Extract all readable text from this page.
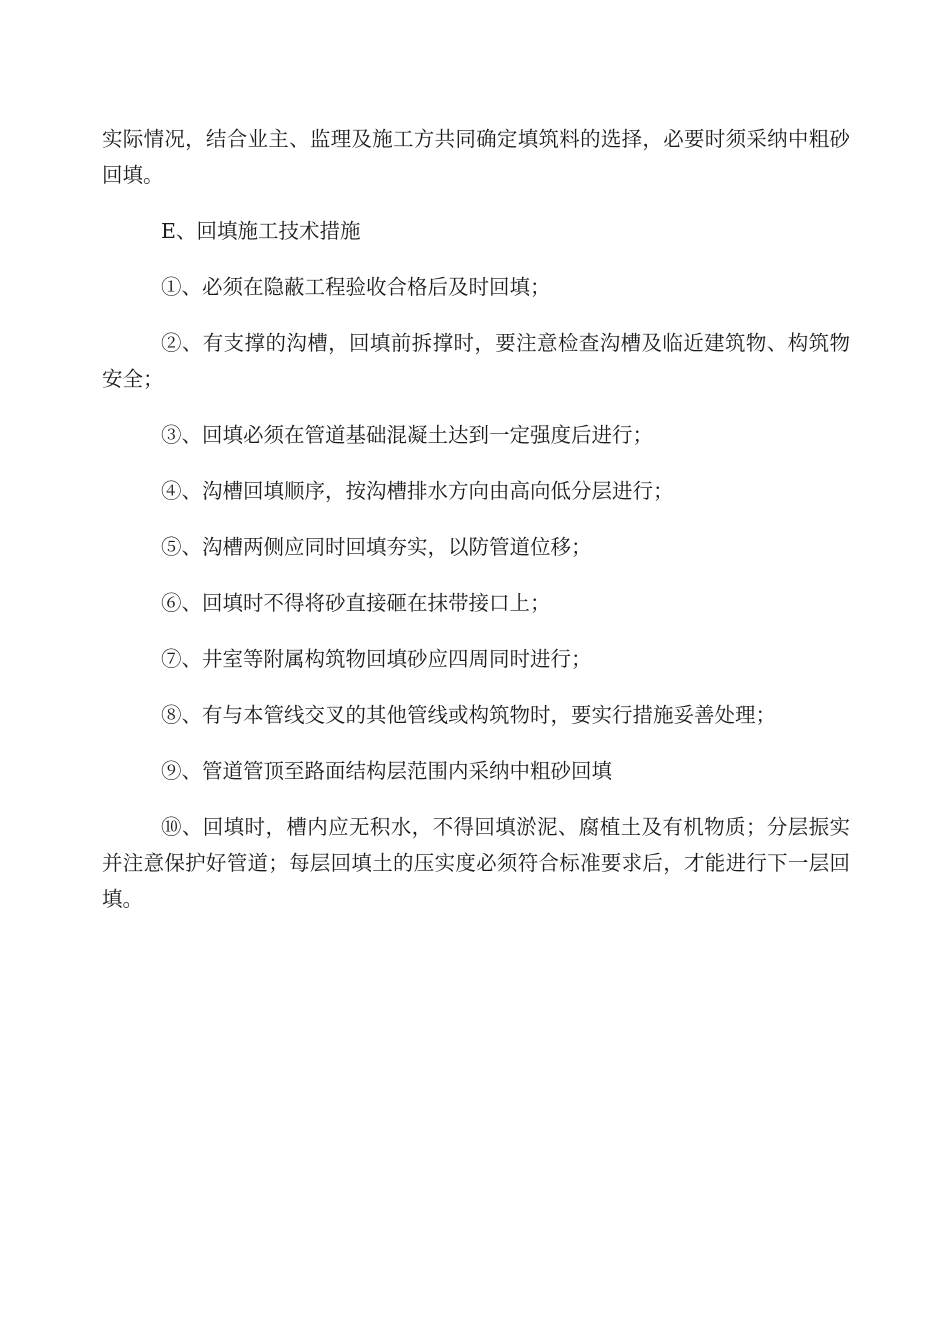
实际情况，结合业主、监理及施工方共同确定填筑料的选择，必要时须采纳中粗砂回填。

E、回填施工技术措施

①、必须在隐蔽工程验收合格后及时回填；

②、有支撑的沟槽，回填前拆撑时，要注意检查沟槽及临近建筑物、构筑物安全；

③、回填必须在管道基础混凝土达到一定强度后进行；

④、沟槽回填顺序，按沟槽排水方向由高向低分层进行；

⑤、沟槽两侧应同时回填夯实，以防管道位移；

⑥、回填时不得将砂直接砸在抹带接口上；

⑦、井室等附属构筑物回填砂应四周同时进行；

⑧、有与本管线交叉的其他管线或构筑物时，要实行措施妥善处理；

⑨、管道管顶至路面结构层范围内采纳中粗砂回填

⑩、回填时，槽内应无积水，不得回填淤泥、腐植土及有机物质；分层振实并注意保护好管道；每层回填土的压实度必须符合标准要求后，才能进行下一层回填。
